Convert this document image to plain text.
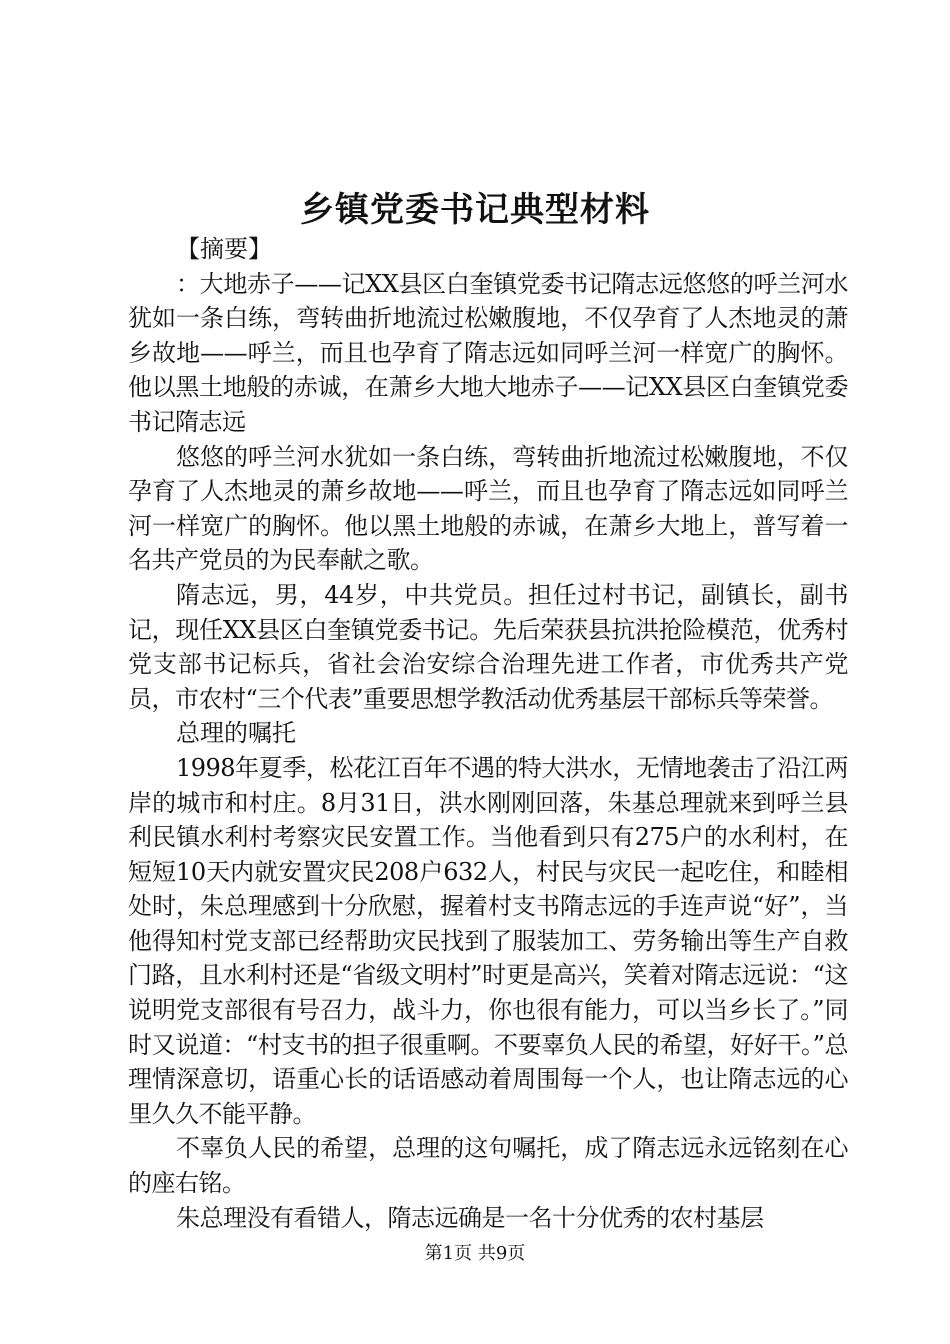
乡镇党委书记典型材料

【摘要】

：大地赤子——记XX县区白奎镇党委书记隋志远悠悠的呼兰河水犹如一条白练，弯转曲折地流过松嫩腹地，不仅孕育了人杰地灵的萧乡故地——呼兰，而且也孕育了隋志远如同呼兰河一样宽广的胸怀。他以黑土地般的赤诚，在萧乡大地大地赤子——记XX县区白奎镇党委书记隋志远

悠悠的呼兰河水犹如一条白练，弯转曲折地流过松嫩腹地，不仅孕育了人杰地灵的萧乡故地——呼兰，而且也孕育了隋志远如同呼兰河一样宽广的胸怀。他以黑土地般的赤诚，在萧乡大地上，普写着一名共产党员的为民奉献之歌。

隋志远，男，44岁，中共党员。担任过村书记，副镇长，副书记，现任XX县区白奎镇党委书记。先后荣获县抗洪抢险模范，优秀村党支部书记标兵，省社会治安综合治理先进工作者，市优秀共产党员，市农村“三个代表”重要思想学教活动优秀基层干部标兵等荣誉。

总理的嘱托

1998年夏季，松花江百年不遇的特大洪水，无情地袭击了沿江两岸的城市和村庄。8月31日，洪水刚刚回落，朱基总理就来到呼兰县利民镇水利村考察灾民安置工作。当他看到只有275户的水利村，在短短10天内就安置灾民208户632人，村民与灾民一起吃住，和睦相处时，朱总理感到十分欣慰，握着村支书隋志远的手连声说“好”，当他得知村党支部已经帮助灾民找到了服装加工、劳务输出等生产自救门路，且水利村还是“省级文明村”时更是高兴，笑着对隋志远说：“这说明党支部很有号召力，战斗力，你也很有能力，可以当乡长了。”同时又说道：“村支书的担子很重啊。不要辜负人民的希望，好好干。”总理情深意切，语重心长的话语感动着周围每一个人，也让隋志远的心里久久不能平静。

不辜负人民的希望，总理的这句嘱托，成了隋志远永远铭刻在心的座右铭。

朱总理没有看错人，隋志远确是一名十分优秀的农村基层

第1页 共9页
